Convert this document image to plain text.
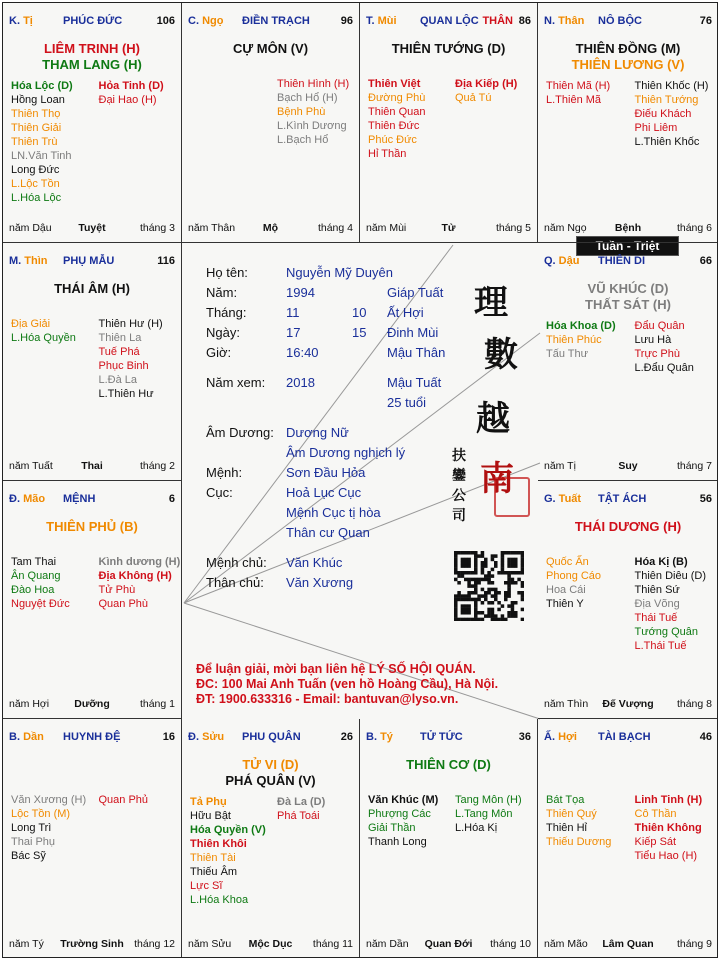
Họ tên:	Nguyễn Mỹ Duyên
Năm:	1994	Giáp Tuất
Tháng:	11	10 Ất Hợi
Ngày:	17	15 Đinh Mùi
Giờ:	16:40	Mậu Thân
Năm xem: 2018	Mậu Tuất
25 tuổi
Âm Dương: Dương Nữ
Âm Dương nghịch lý
Mệnh:	Sơn Đầu Hỏa
Cục:	Hoả Lục Cục
Mệnh Cục tị hòa
Thân cư Quan
Mệnh chủ: Văn Khúc
Thân chủ: Văn Xương
理
數
越
南
扶
鑾
公
司
Để luận giải, mời bạn liên hệ LÝ SỐ HỘI QUÁN.
ĐC: 100 Mai Anh Tuấn (ven hồ Hoàng Cầu), Hà Nội.
ĐT: 1900.633316 - Email: bantuvan@lyso.vn.
Tuần - Triệt
K. Tị	PHÚC ĐỨC	106
LIÊM TRINH (H)
THAM LANG (H)
Hóa Lộc (D)
Hồng Loan
Thiên Thọ
Thiên Giải
Thiên Trù
LN.Văn Tinh
Long Đức
L.Lộc Tồn
L.Hóa Lộc
Hỏa Tinh (D)
Đại Hao (H)
năm Dậu	Tuyệt	tháng 3
C. Ngọ ĐIỀN TRẠCH	96
CỰ MÔN (V)
Thiên Hình (H)
Bạch Hổ (H)
Bệnh Phù
L.Kình Dương
L.Bạch Hổ
năm Thân	Mộ	tháng 4
T. Mùi QUAN LỘC THÂN 86
THIÊN TƯỚNG (D)
Thiên Việt
Đường Phù
Thiên Quan
Thiên Đức
Phúc Đức
Hỉ Thần
Địa Kiếp (H)
Quả Tú
năm Mùi	Tử	tháng 5
N. Thân NÔ BỘC	76
THIÊN ĐỒNG (M)
THIÊN LƯƠNG (V)
Thiên Mã (H)
L.Thiên Mã
Thiên Khốc (H)
Thiên Tướng
Điếu Khách
Phi Liêm
L.Thiên Khốc
năm Ngọ	Bệnh	tháng 6
M. Thìn PHỤ MẪU	116
THÁI ÂM (H)
Địa Giải
L.Hóa Quyền
Thiên Hư (H)
Thiên La
Tuế Phá
Phục Binh
L.Đà La
L.Thiên Hư
năm Tuất	Thai	tháng 2
Q. Dậu THIÊN DI	66
VŨ KHÚC (D)
THẤT SÁT (H)
Hóa Khoa (D)
Thiên Phúc
Tấu Thư
Đẩu Quân
Lưu Hà
Trực Phù
L.Đẩu Quân
năm Tị	Suy	tháng 7
Đ. Mão MỆNH	6
THIÊN PHỦ (B)
Tam Thai
Ân Quang
Đào Hoa
Nguyệt Đức
Kình dương (H)
Địa Không (H)
Tử Phù
Quan Phù
năm Hợi	Dưỡng	tháng 1
G. Tuất TẬT ÁCH	56
THÁI DƯƠNG (H)
Quốc Ấn
Phong Cáo
Hoa Cái
Thiên Y
Hóa Kị (B)
Thiên Diêu (D)
Thiên Sứ
Địa Võng
Thái Tuế
Tướng Quân
L.Thái Tuế
năm Thìn	Đế Vượng	tháng 8
B. Dần HUYNH ĐỆ	16
Văn Xương (H)
Lộc Tồn (M)
Long Trì
Thai Phụ
Bác Sỹ
Quan Phủ
năm Tý	Trường Sinh tháng 12
Đ. Sửu PHU QUÂN	26
TỬ VI (D)
PHÁ QUÂN (V)
Tả Phụ
Hữu Bật
Hóa Quyền (V)
Thiên Khôi
Thiên Tài
Thiếu Âm
Lực Sĩ
L.Hóa Khoa
Đà La (D)
Phá Toái
năm Sửu	Mộc Dục	tháng 11
B. Tý TỬ TỨC	36
THIÊN CƠ (D)
Văn Khúc (M)
Phượng Các
Giải Thần
Thanh Long
Tang Môn (H)
L.Tang Môn
L.Hóa Kị
năm Dần	Quan Đới	tháng 10
Ấ. Hợi TÀI BẠCH	46
Bát Tọa
Thiên Quý
Thiên Hỉ
Thiếu Dương
Linh Tinh (H)
Cô Thần
Thiên Không
Kiếp Sát
Tiểu Hao (H)
năm Mão	Lâm Quan	tháng 9
